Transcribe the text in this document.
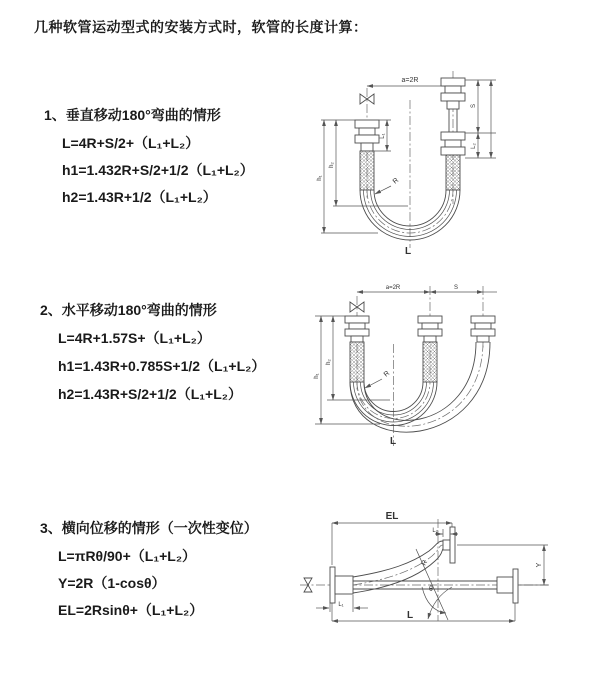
几种软管运动型式的安装方式时，软管的长度计算：
1、垂直移动180°弯曲的情形
L=4R+S/2+（L₁+L₂）
h1=1.432R+S/2+1/2（L₁+L₂）
h2=1.43R+1/2（L₁+L₂）
2、水平移动180°弯曲的情形
L=4R+1.57S+（L₁+L₂）
h1=1.43R+0.785S+1/2（L₁+L₂）
h2=1.43R+S/2+1/2（L₁+L₂）
3、横向位移的情形（一次性变位）
L=πRθ/90+（L₁+L₂）
Y=2R（1-cosθ）
EL=2Rsinθ+（L₁+L₂）
a=2R
L₁
S
L₂
h₁
h₂
R
L
a=2R	S
h₁
h₂
R
L
EL
L₂
Y
R
θ
L₁
L
